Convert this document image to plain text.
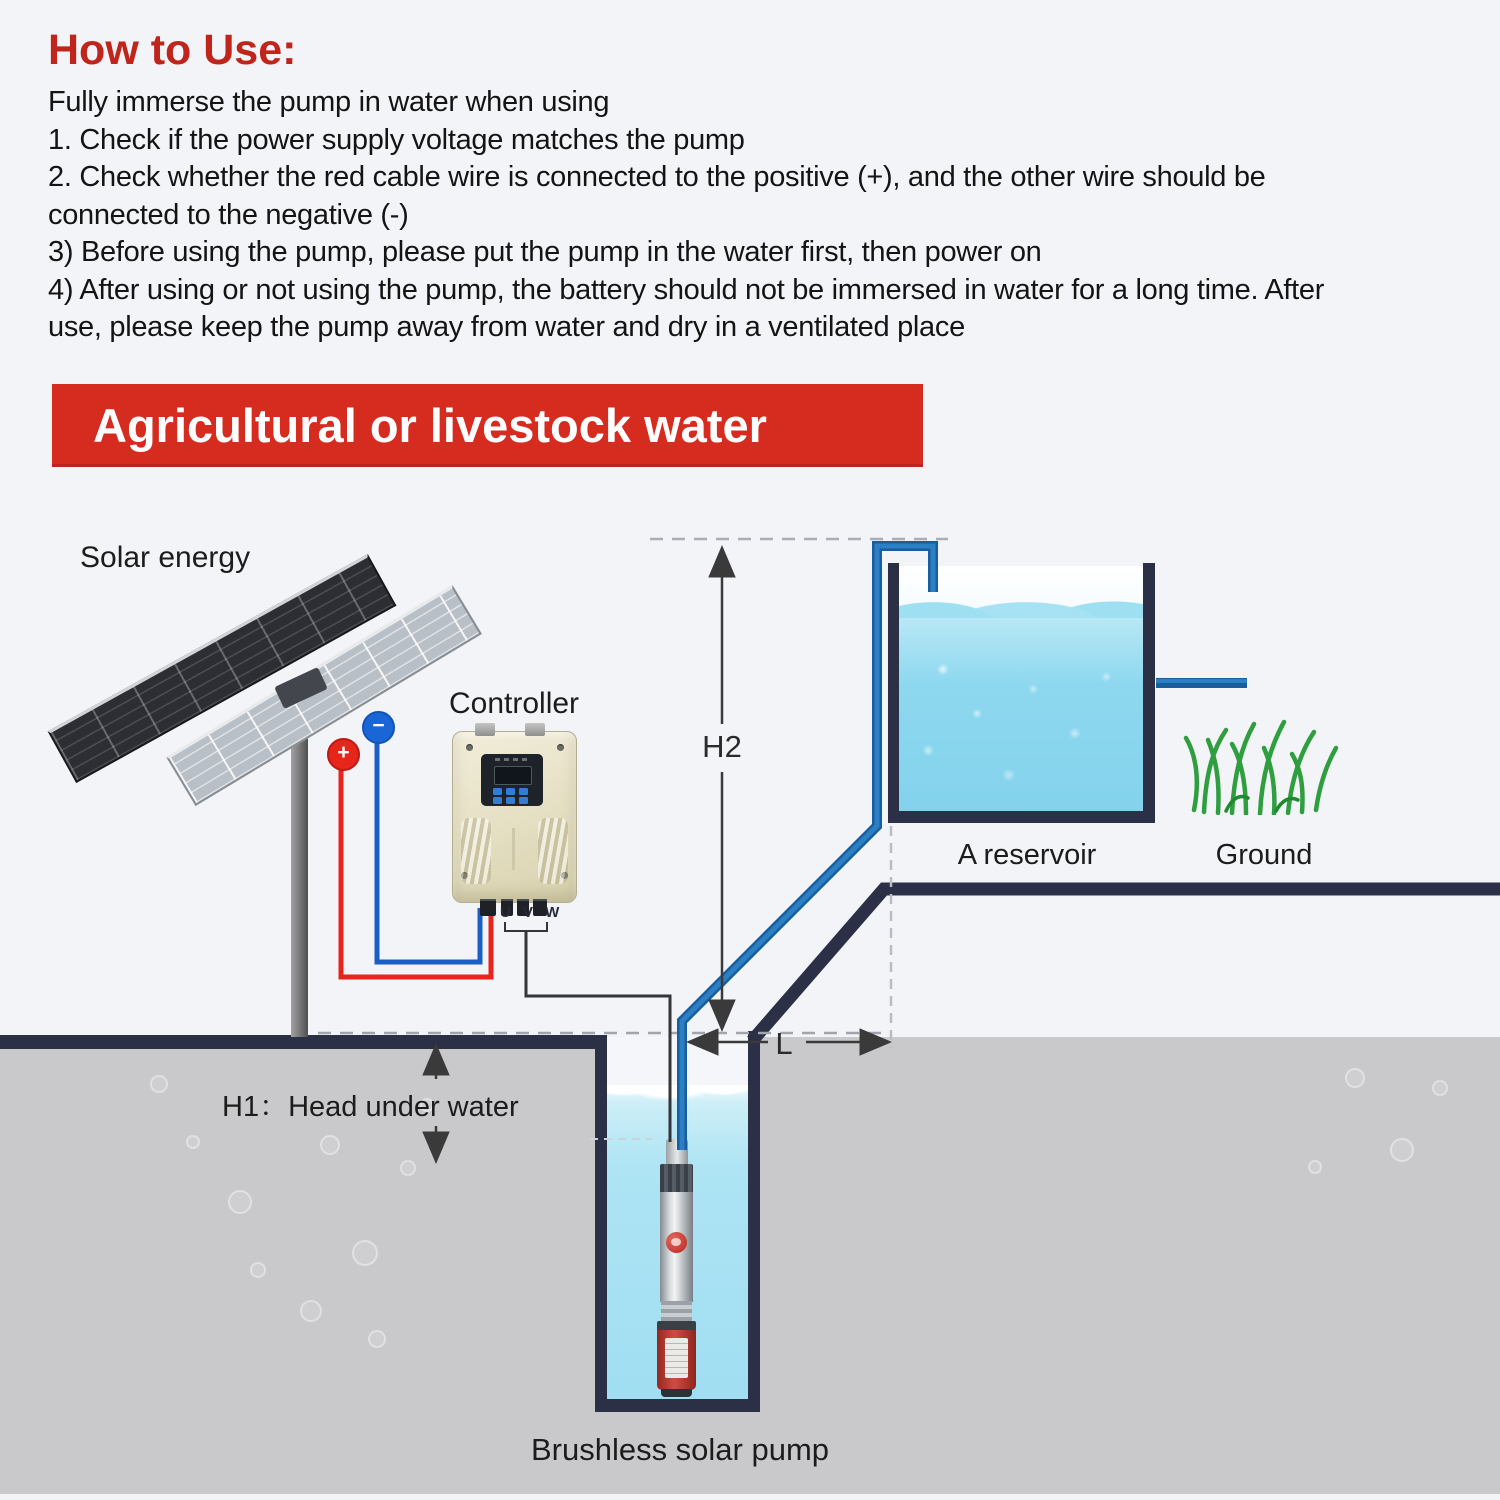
How to Use:
Fully immerse the pump in water when using
1. Check if the power supply voltage matches the pump
2. Check whether the red cable wire is connected to the positive (+), and the other wire should be
connected to the negative (-)
3) Before using the pump, please put the pump in the water first, then power on
4) After using or not using the pump, the battery should not be immersed in water for a long time. After
use, please keep the pump away from water and dry in a ventilated place
Agricultural or livestock water
−
+
U V W
Solar energy
Controller
H2
H1：Head under water
L
A reservoir	Ground
Brushless solar pump
